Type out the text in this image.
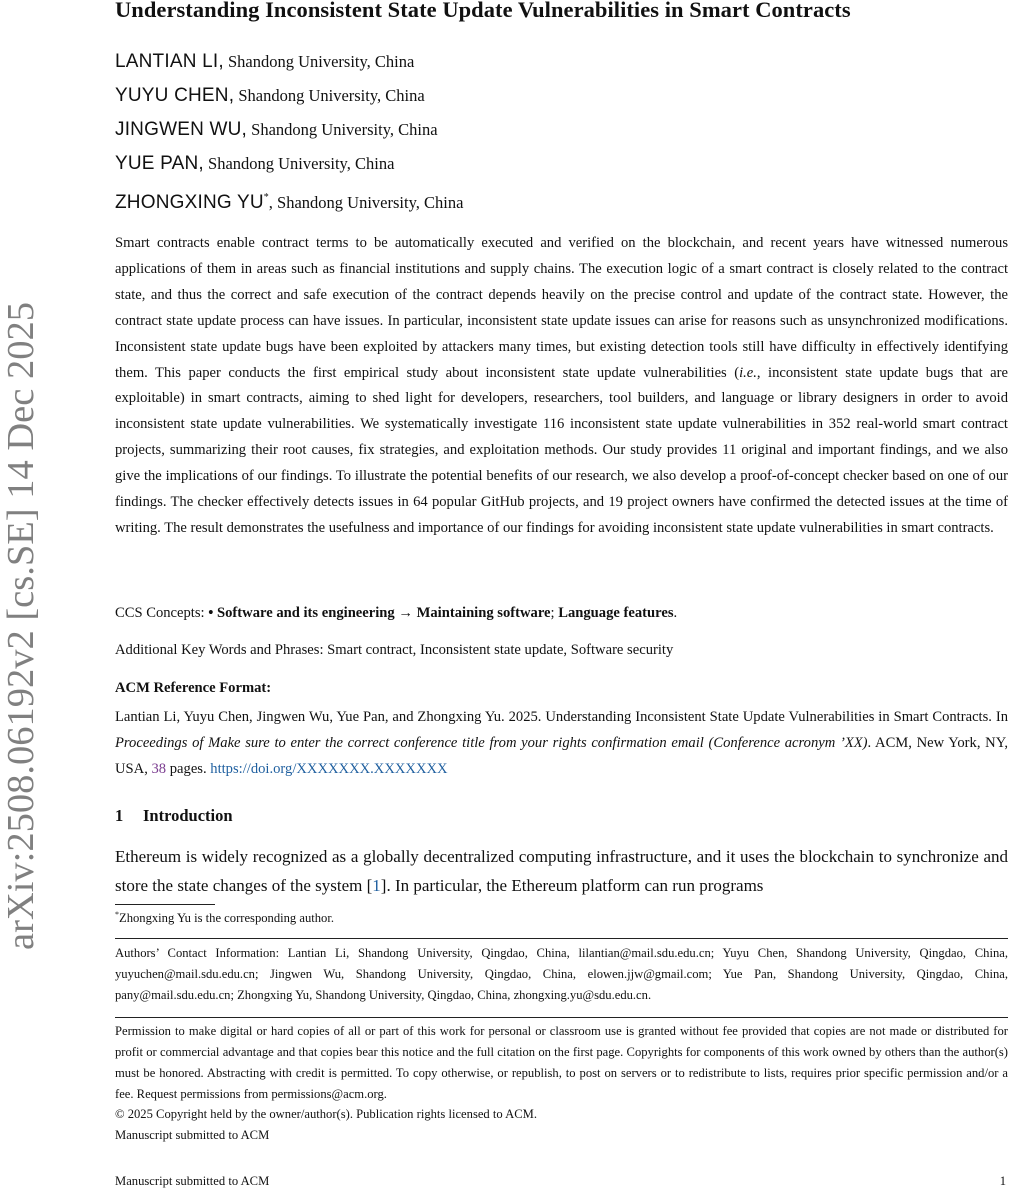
arXiv:2508.06192v2 [cs.SE] 14 Dec 2025
Understanding Inconsistent State Update Vulnerabilities in Smart Contracts
LANTIAN LI, Shandong University, China
YUYU CHEN, Shandong University, China
JINGWEN WU, Shandong University, China
YUE PAN, Shandong University, China
ZHONGXING YU*, Shandong University, China

Smart contracts enable contract terms to be automatically executed and verified on the blockchain, and recent years have witnessed numerous applications of them in areas such as financial institutions and supply chains. The execution logic of a smart contract is closely related to the contract state, and thus the correct and safe execution of the contract depends heavily on the precise control and update of the contract state. However, the contract state update process can have issues. In particular, inconsistent state update issues can arise for reasons such as unsynchronized modifications. Inconsistent state update bugs have been exploited by attackers many times, but existing detection tools still have difficulty in effectively identifying them. This paper conducts the first empirical study about inconsistent state update vulnerabilities (i.e., inconsistent state update bugs that are exploitable) in smart contracts, aiming to shed light for developers, researchers, tool builders, and language or library designers in order to avoid inconsistent state update vulnerabilities. We systematically investigate 116 inconsistent state update vulnerabilities in 352 real-world smart contract projects, summarizing their root causes, fix strategies, and exploitation methods. Our study provides 11 original and important findings, and we also give the implications of our findings. To illustrate the potential benefits of our research, we also develop a proof-of-concept checker based on one of our findings. The checker effectively detects issues in 64 popular GitHub projects, and 19 project owners have confirmed the detected issues at the time of writing. The result demonstrates the usefulness and importance of our findings for avoiding inconsistent state update vulnerabilities in smart contracts.

CCS Concepts: • Software and its engineering → Maintaining software; Language features.
Additional Key Words and Phrases: Smart contract, Inconsistent state update, Software security
ACM Reference Format:

Lantian Li, Yuyu Chen, Jingwen Wu, Yue Pan, and Zhongxing Yu. 2025. Understanding Inconsistent State Update Vulnerabilities in Smart Contracts. In Proceedings of Make sure to enter the correct conference title from your rights confirmation email (Conference acronym ’XX). ACM, New York, NY, USA, 38 pages. https://doi.org/XXXXXXX.XXXXXXX

1 Introduction

Ethereum is widely recognized as a globally decentralized computing infrastructure, and it uses the blockchain to synchronize and store the state changes of the system [1]. In particular, the Ethereum platform can run programs

*Zhongxing Yu is the corresponding author.

Authors’ Contact Information: Lantian Li, Shandong University, Qingdao, China, lilantian@mail.sdu.edu.cn; Yuyu Chen, Shandong University, Qingdao, China, yuyuchen@mail.sdu.edu.cn; Jingwen Wu, Shandong University, Qingdao, China, elowen.jjw@gmail.com; Yue Pan, Shandong University, Qingdao, China, pany@mail.sdu.edu.cn; Zhongxing Yu, Shandong University, Qingdao, China, zhongxing.yu@sdu.edu.cn.

Permission to make digital or hard copies of all or part of this work for personal or classroom use is granted without fee provided that copies are not made or distributed for profit or commercial advantage and that copies bear this notice and the full citation on the first page. Copyrights for components of this work owned by others than the author(s) must be honored. Abstracting with credit is permitted. To copy otherwise, or republish, to post on servers or to redistribute to lists, requires prior specific permission and/or a fee. Request permissions from permissions@acm.org.

© 2025 Copyright held by the owner/author(s). Publication rights licensed to ACM.
Manuscript submitted to ACM
Manuscript submitted to ACM	1
